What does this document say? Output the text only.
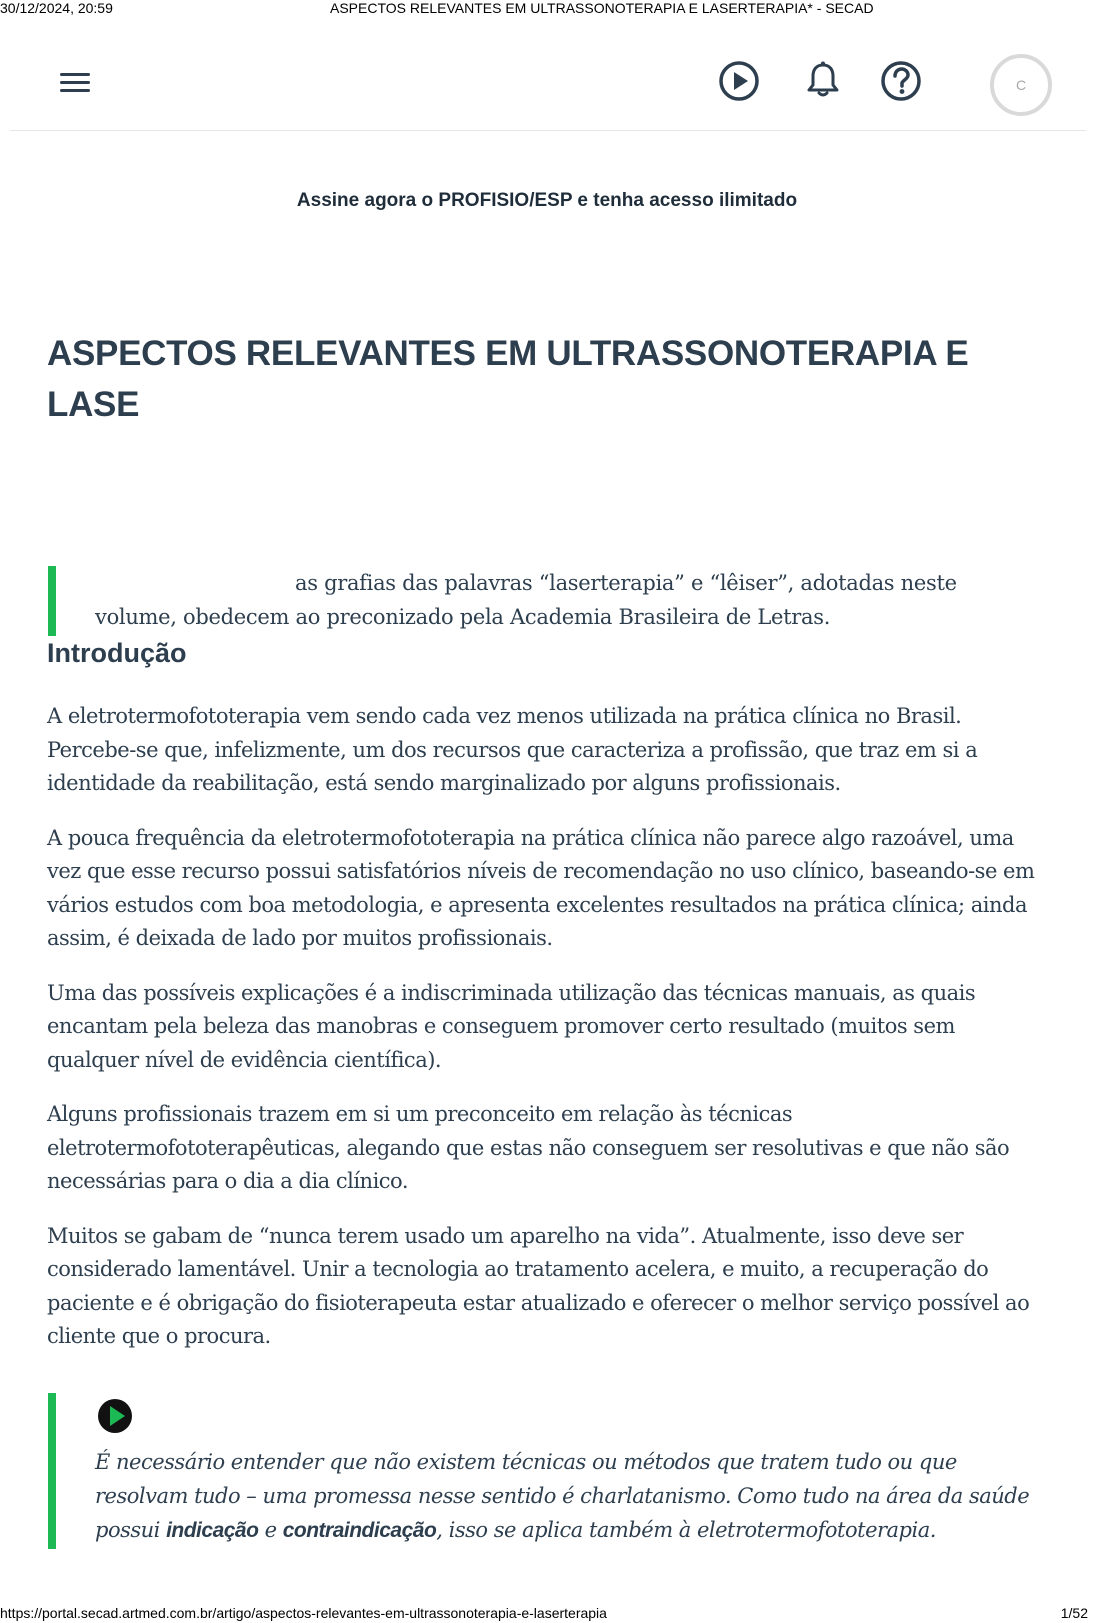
30/12/2024, 20:59	ASPECTOS RELEVANTES EM ULTRASSONOTERAPIA E LASERTERAPIA* - SECAD
C
Assine agora o PROFISIO/ESP e tenha acesso ilimitado
ASPECTOS RELEVANTES EM ULTRASSONOTERAPIA E LASE

as grafias das palavras “laserterapia” e “lêiser”, adotadas neste volume, obedecem ao preconizado pela Academia Brasileira de Letras.

Introdução

A eletrotermofototerapia vem sendo cada vez menos utilizada na prática clínica no Brasil. Percebe-se que, infelizmente, um dos recursos que caracteriza a profissão, que traz em si a identidade da reabilitação, está sendo marginalizado por alguns profissionais.

A pouca frequência da eletrotermofototerapia na prática clínica não parece algo razoável, uma vez que esse recurso possui satisfatórios níveis de recomendação no uso clínico, baseando-se em vários estudos com boa metodologia, e apresenta excelentes resultados na prática clínica; ainda assim, é deixada de lado por muitos profissionais.

Uma das possíveis explicações é a indiscriminada utilização das técnicas manuais, as quais encantam pela beleza das manobras e conseguem promover certo resultado (muitos sem qualquer nível de evidência científica).

Alguns profissionais trazem em si um preconceito em relação às técnicas eletrotermofototerapêuticas, alegando que estas não conseguem ser resolutivas e que não são necessárias para o dia a dia clínico.

Muitos se gabam de “nunca terem usado um aparelho na vida”. Atualmente, isso deve ser considerado lamentável. Unir a tecnologia ao tratamento acelera, e muito, a recuperação do paciente e é obrigação do fisioterapeuta estar atualizado e oferecer o melhor serviço possível ao cliente que o procura.

É necessário entender que não existem técnicas ou métodos que tratem tudo ou que resolvam tudo – uma promessa nesse sentido é charlatanismo. Como tudo na área da saúde possui indicação e contraindicação, isso se aplica também à eletrotermofototerapia.

https://portal.secad.artmed.com.br/artigo/aspectos-relevantes-em-ultrassonoterapia-e-laserterapia	1/52
